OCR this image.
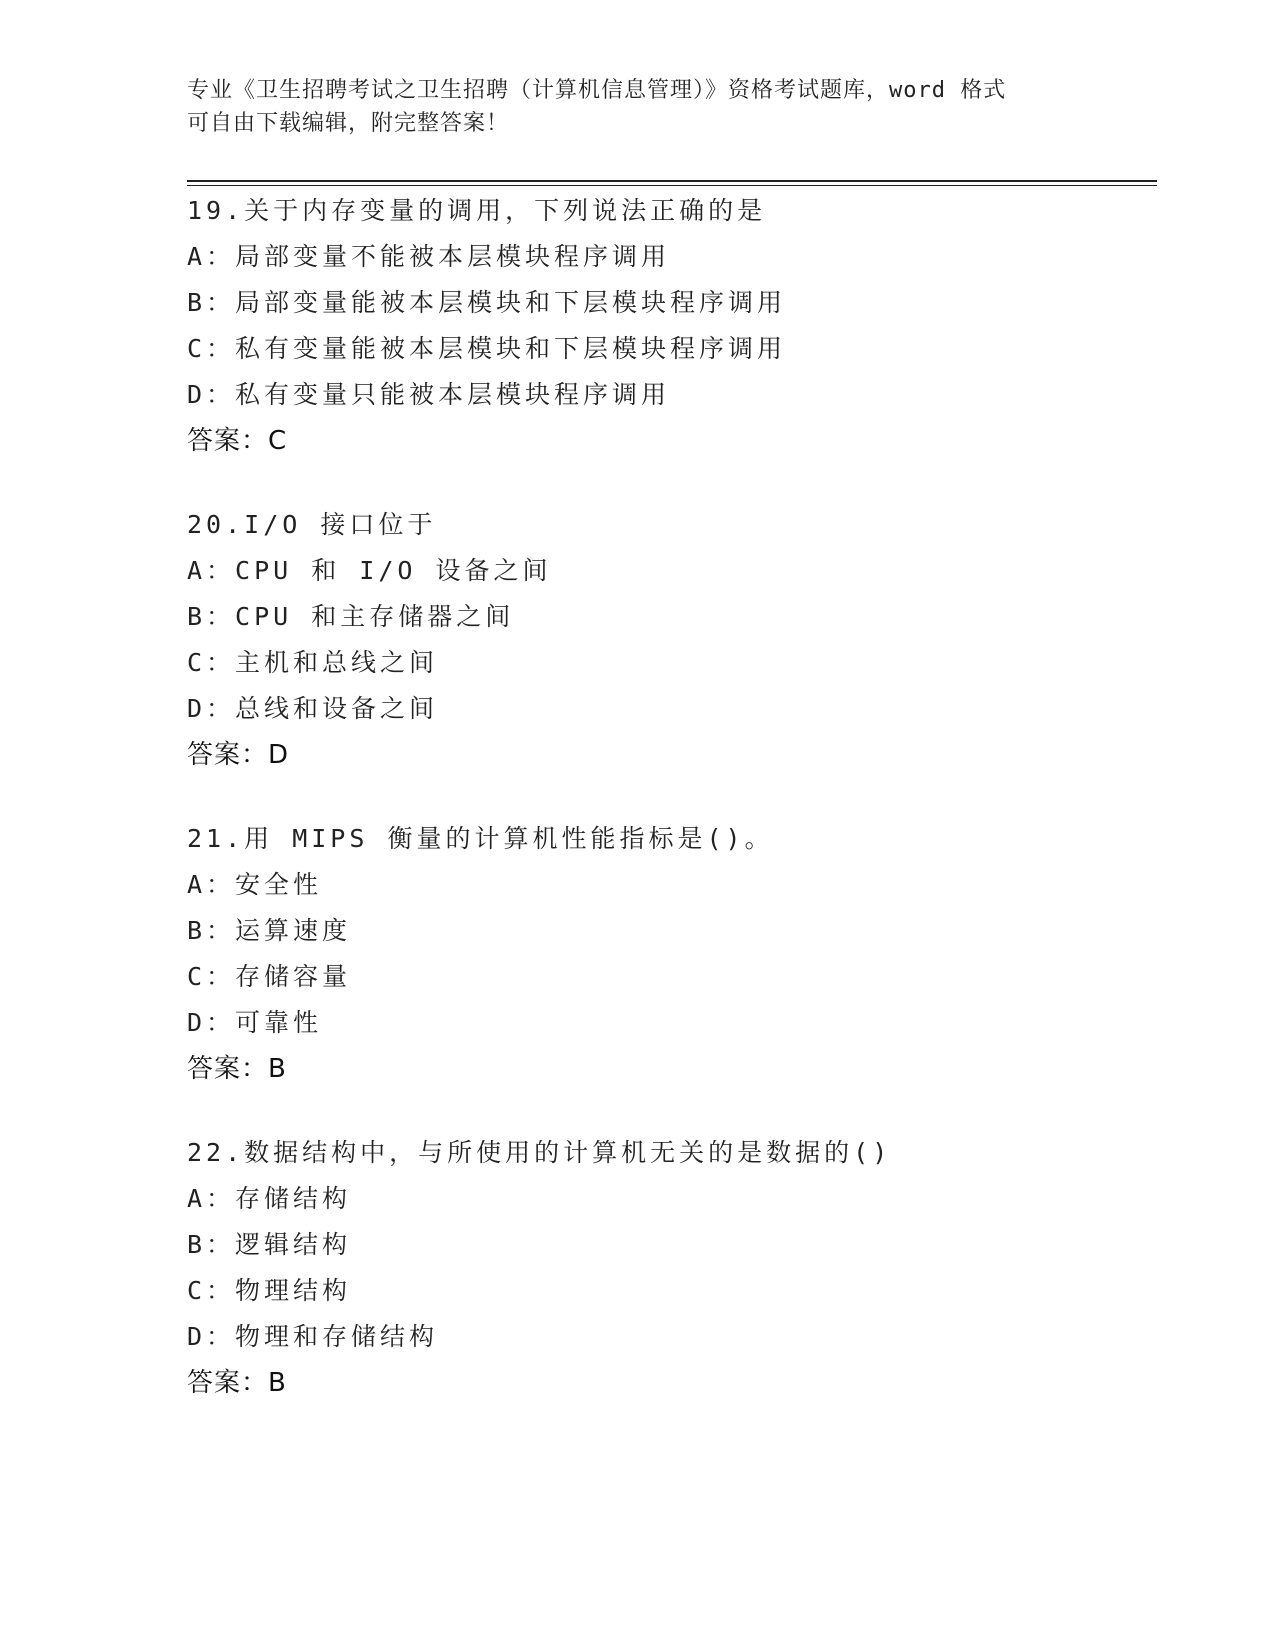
专业《卫生招聘考试之卫生招聘（计算机信息管理）》资格考试题库，word 格式
可自由下载编辑，附完整答案！
19.关于内存变量的调用，下列说法正确的是
A：局部变量不能被本层模块程序调用
B：局部变量能被本层模块和下层模块程序调用
C：私有变量能被本层模块和下层模块程序调用
D：私有变量只能被本层模块程序调用
答案：C
20.I/O 接口位于
A：CPU 和 I/O 设备之间
B：CPU 和主存储器之间
C：主机和总线之间
D：总线和设备之间
答案：D
21.用 MIPS 衡量的计算机性能指标是()。
A：安全性
B：运算速度
C：存储容量
D：可靠性
答案：B
22.数据结构中，与所使用的计算机无关的是数据的()
A：存储结构
B：逻辑结构
C：物理结构
D：物理和存储结构
答案：B
